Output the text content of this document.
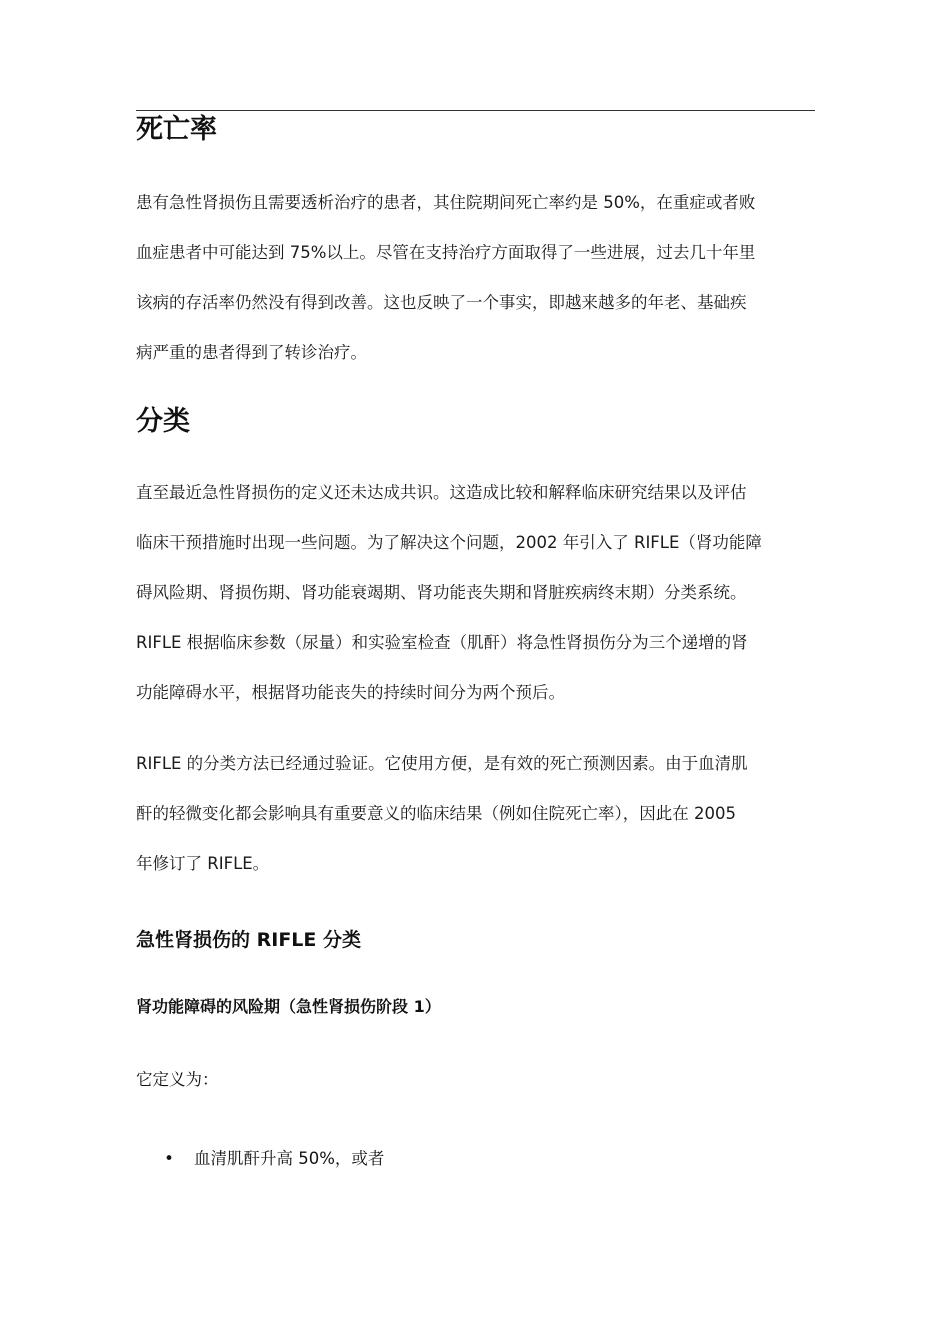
死亡率

患有急性肾损伤且需要透析治疗的患者，其住院期间死亡率约是 50%，在重症或者败
血症患者中可能达到 75%以上。尽管在支持治疗方面取得了一些进展，过去几十年里
该病的存活率仍然没有得到改善。这也反映了一个事实，即越来越多的年老、基础疾
病严重的患者得到了转诊治疗。

分类

直至最近急性肾损伤的定义还未达成共识。这造成比较和解释临床研究结果以及评估
临床干预措施时出现一些问题。为了解决这个问题，2002 年引入了 RIFLE（肾功能障
碍风险期、肾损伤期、肾功能衰竭期、肾功能丧失期和肾脏疾病终末期）分类系统。
RIFLE 根据临床参数（尿量）和实验室检查（肌酐）将急性肾损伤分为三个递增的肾
功能障碍水平，根据肾功能丧失的持续时间分为两个预后。

RIFLE 的分类方法已经通过验证。它使用方便，是有效的死亡预测因素。由于血清肌
酐的轻微变化都会影响具有重要意义的临床结果（例如住院死亡率），因此在 2005
年修订了 RIFLE。

急性肾损伤的 RIFLE 分类
肾功能障碍的风险期（急性肾损伤阶段 1）

它定义为：

• 血清肌酐升高 50%，或者
